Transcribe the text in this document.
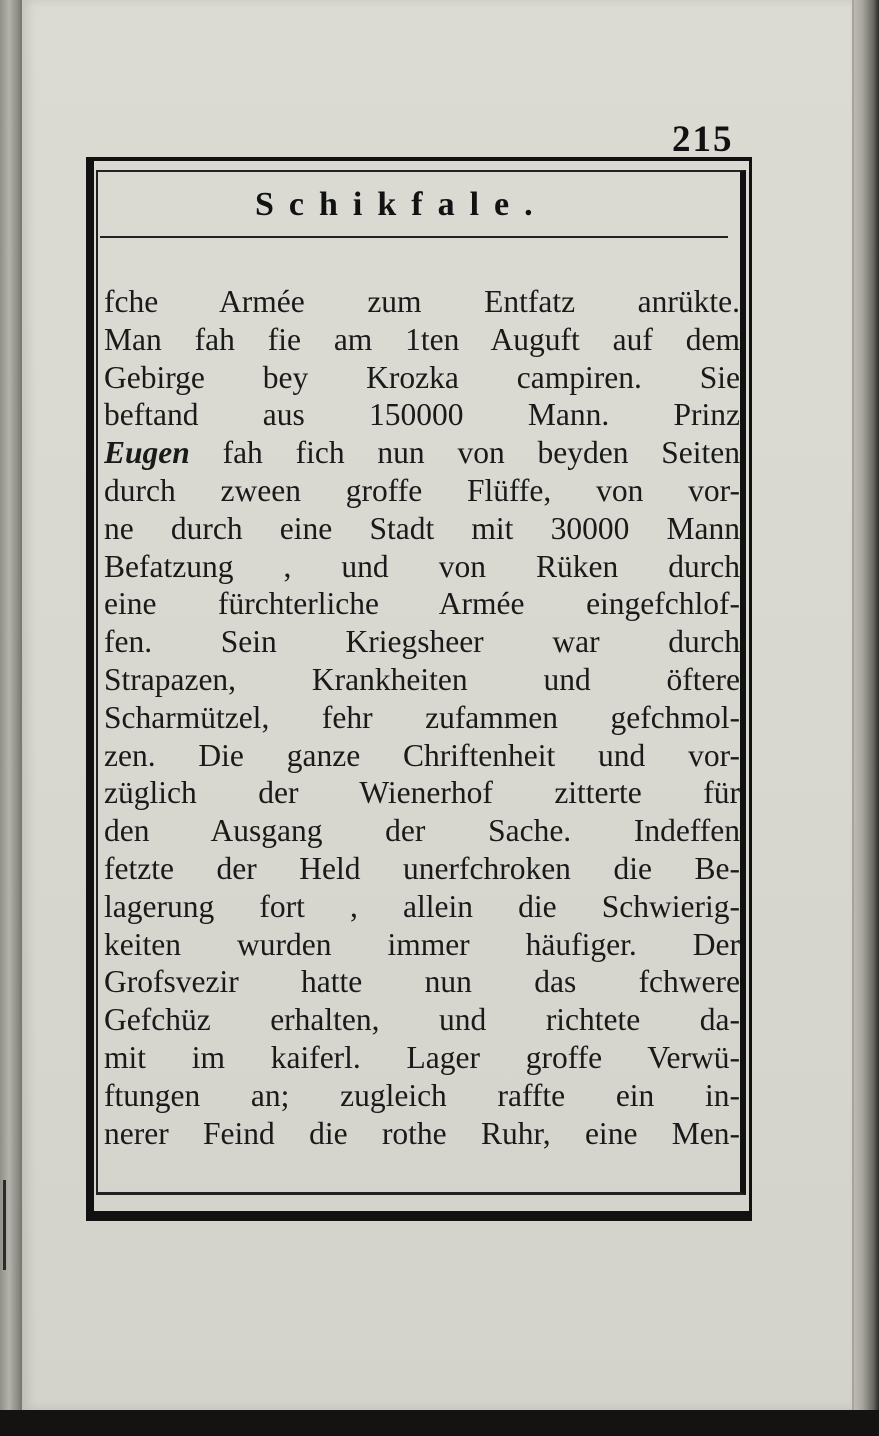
215
Schikfale.
fche Armée zum Entfatz anrükte.
Man fah fie am 1ten Auguft auf dem
Gebirge bey Krozka campiren. Sie
beftand aus 150000 Mann. Prinz
Eugen fah fich nun von beyden Seiten
durch zween groffe Flüffe, von vor-
ne durch eine Stadt mit 30000 Mann
Befatzung , und von Rüken durch
eine fürchterliche Armée eingefchlof-
fen. Sein Kriegsheer war durch
Strapazen, Krankheiten und öftere
Scharmützel, fehr zufammen gefchmol-
zen. Die ganze Chriftenheit und vor-
züglich der Wienerhof zitterte für
den Ausgang der Sache. Indeffen
fetzte der Held unerfchroken die Be-
lagerung fort , allein die Schwierig-
keiten wurden immer häufiger. Der
Grofsvezir hatte nun das fchwere
Gefchüz erhalten, und richtete da-
mit im kaiferl. Lager groffe Verwü-
ftungen an; zugleich raffte ein in-
nerer Feind die rothe Ruhr, eine Men-
